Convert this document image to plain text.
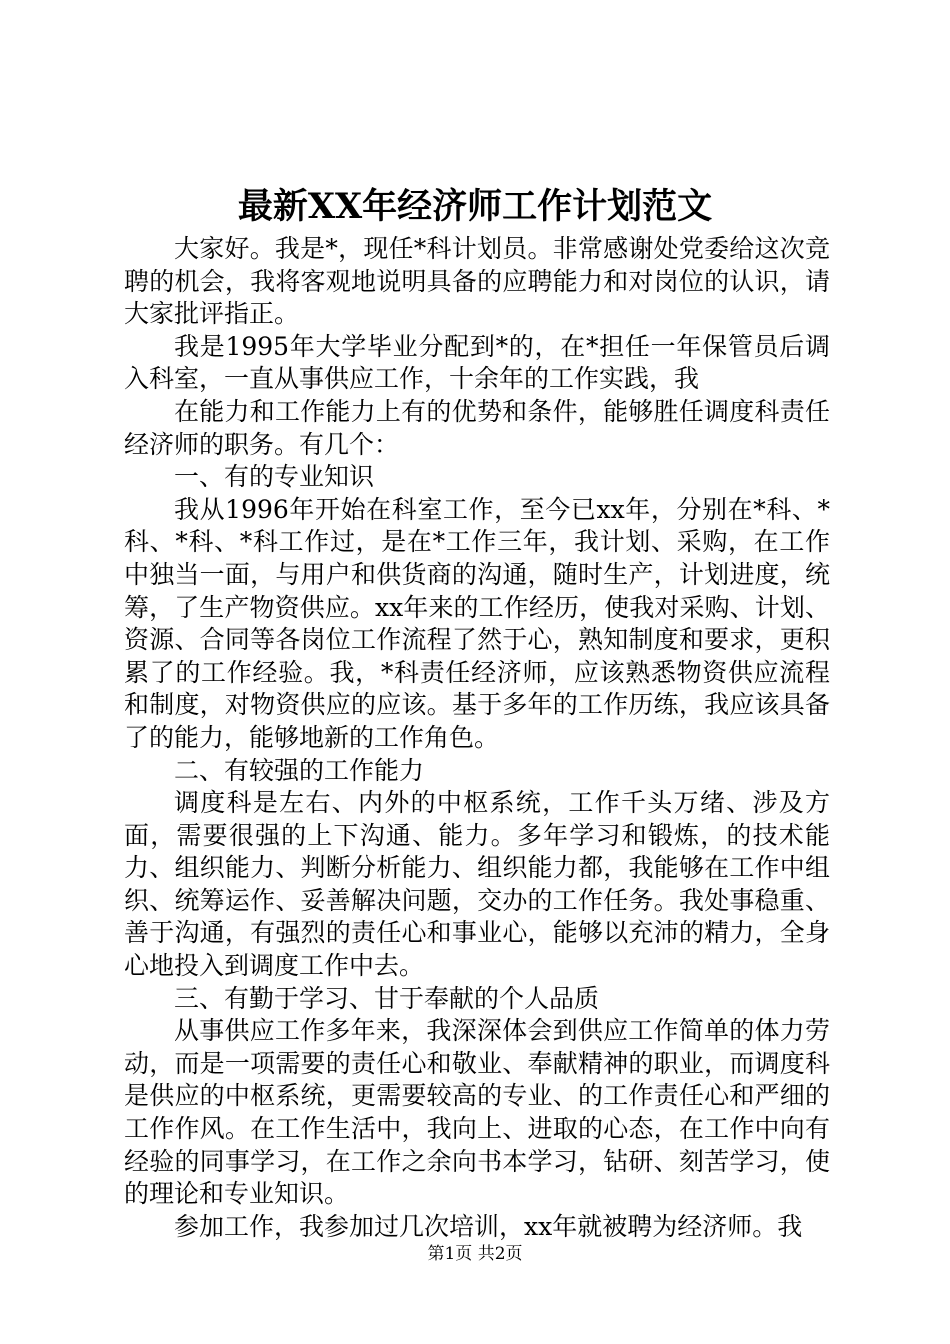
最新XX年经济师工作计划范文

大家好。我是*，现任*科计划员。非常感谢处党委给这次竞聘的机会，我将客观地说明具备的应聘能力和对岗位的认识，请大家批评指正。

我是1995年大学毕业分配到*的，在*担任一年保管员后调入科室，一直从事供应工作，十余年的工作实践，我

在能力和工作能力上有的优势和条件，能够胜任调度科责任经济师的职务。有几个：

一、有的专业知识

我从1996年开始在科室工作，至今已xx年，分别在*科、*科、*科、*科工作过，是在*工作三年，我计划、采购，在工作中独当一面，与用户和供货商的沟通，随时生产，计划进度，统筹，了生产物资供应。xx年来的工作经历，使我对采购、计划、资源、合同等各岗位工作流程了然于心，熟知制度和要求，更积累了的工作经验。我，*科责任经济师，应该熟悉物资供应流程和制度，对物资供应的应该。基于多年的工作历练，我应该具备了的能力，能够地新的工作角色。

二、有较强的工作能力

调度科是左右、内外的中枢系统，工作千头万绪、涉及方面，需要很强的上下沟通、能力。多年学习和锻炼，的技术能力、组织能力、判断分析能力、组织能力都，我能够在工作中组织、统筹运作、妥善解决问题，交办的工作任务。我处事稳重、善于沟通，有强烈的责任心和事业心，能够以充沛的精力，全身心地投入到调度工作中去。

三、有勤于学习、甘于奉献的个人品质

从事供应工作多年来，我深深体会到供应工作简单的体力劳动，而是一项需要的责任心和敬业、奉献精神的职业，而调度科是供应的中枢系统，更需要较高的专业、的工作责任心和严细的工作作风。在工作生活中，我向上、进取的心态，在工作中向有经验的同事学习，在工作之余向书本学习，钻研、刻苦学习，使的理论和专业知识。

参加工作，我参加过几次培训，xx年就被聘为经济师。我

第1页 共2页
